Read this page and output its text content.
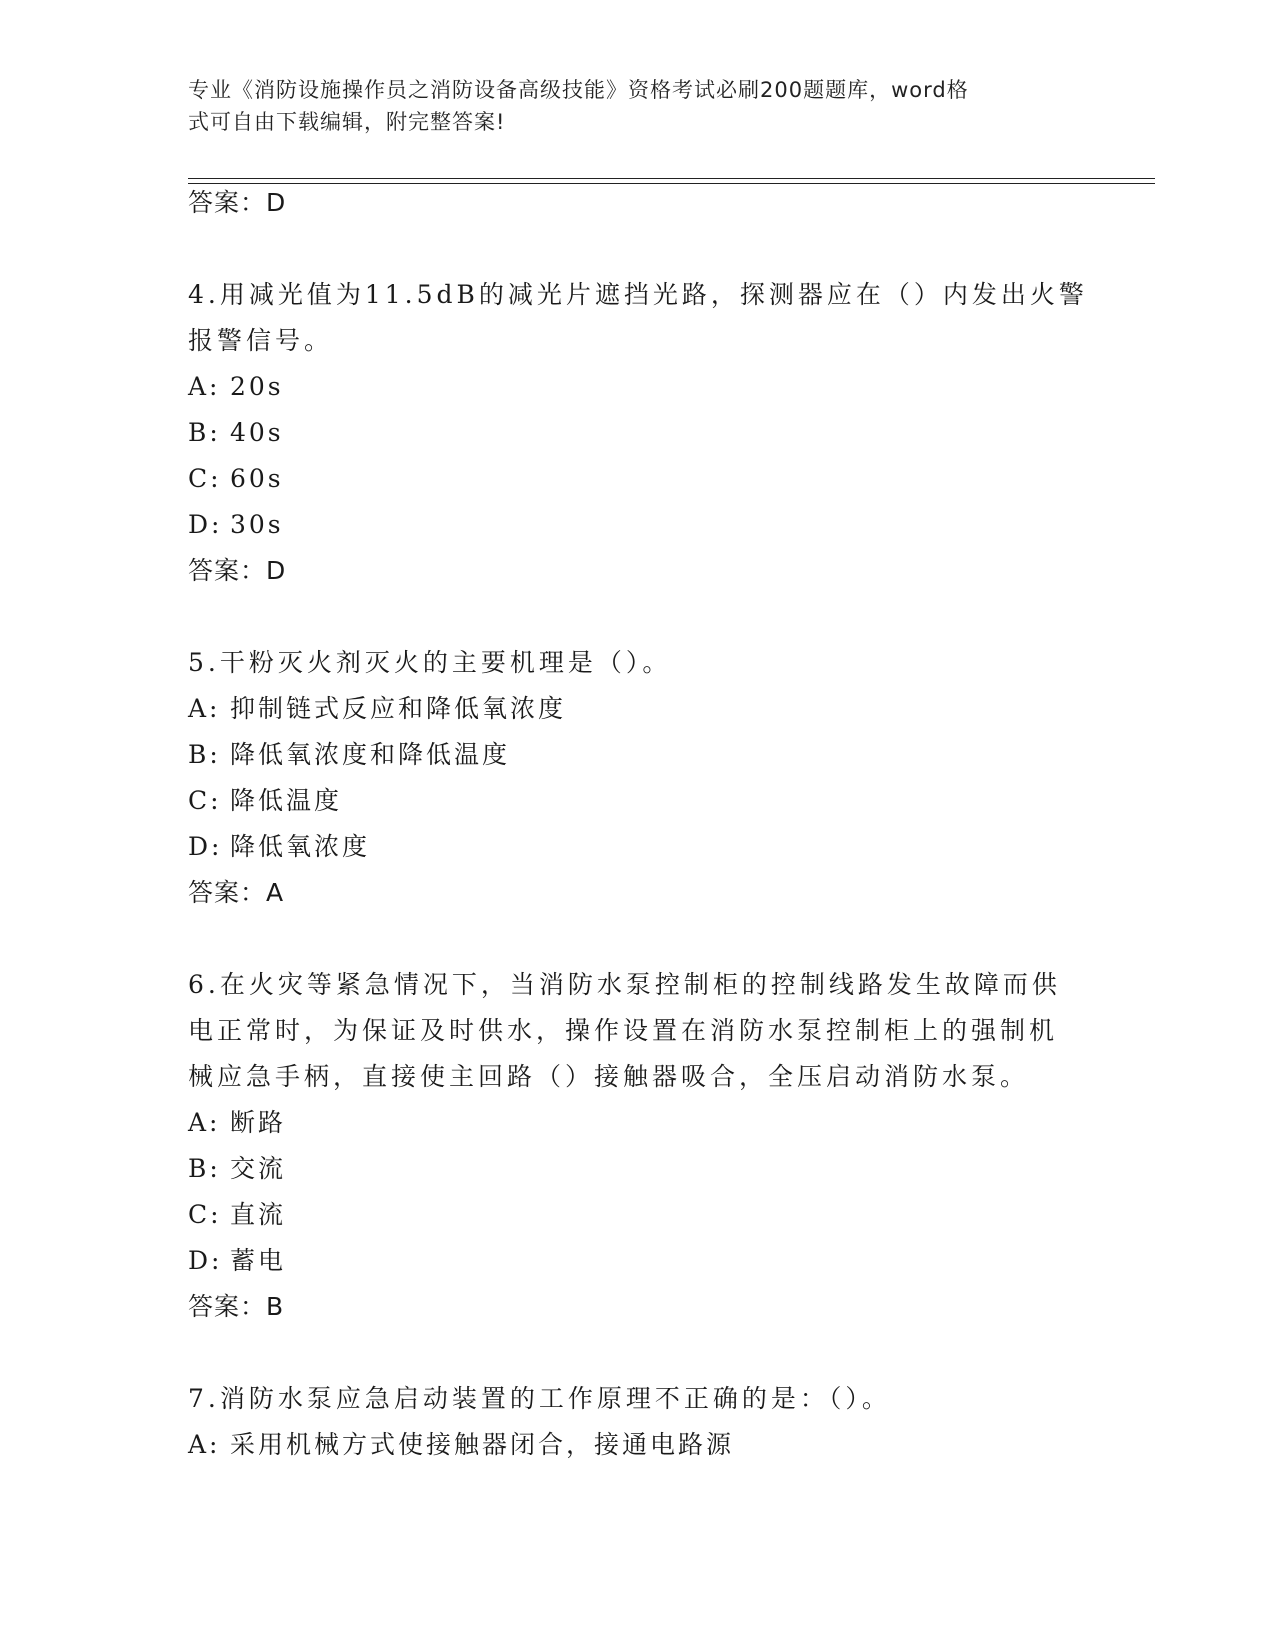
专业《消防设施操作员之消防设备高级技能》资格考试必刷200题题库，word格
式可自由下载编辑，附完整答案!
答案：D
4.用减光值为11.5dB的减光片遮挡光路，探测器应在（）内发出火警
报警信号。
A: 20s
B: 40s
C: 60s
D: 30s
答案：D
5.干粉灭火剂灭火的主要机理是（）。
A: 抑制链式反应和降低氧浓度
B: 降低氧浓度和降低温度
C: 降低温度
D: 降低氧浓度
答案：A
6.在火灾等紧急情况下，当消防水泵控制柜的控制线路发生故障而供
电正常时，为保证及时供水，操作设置在消防水泵控制柜上的强制机
械应急手柄，直接使主回路（）接触器吸合，全压启动消防水泵。
A: 断路
B: 交流
C: 直流
D: 蓄电
答案：B
7.消防水泵应急启动装置的工作原理不正确的是：（）。
A: 采用机械方式使接触器闭合，接通电路源
